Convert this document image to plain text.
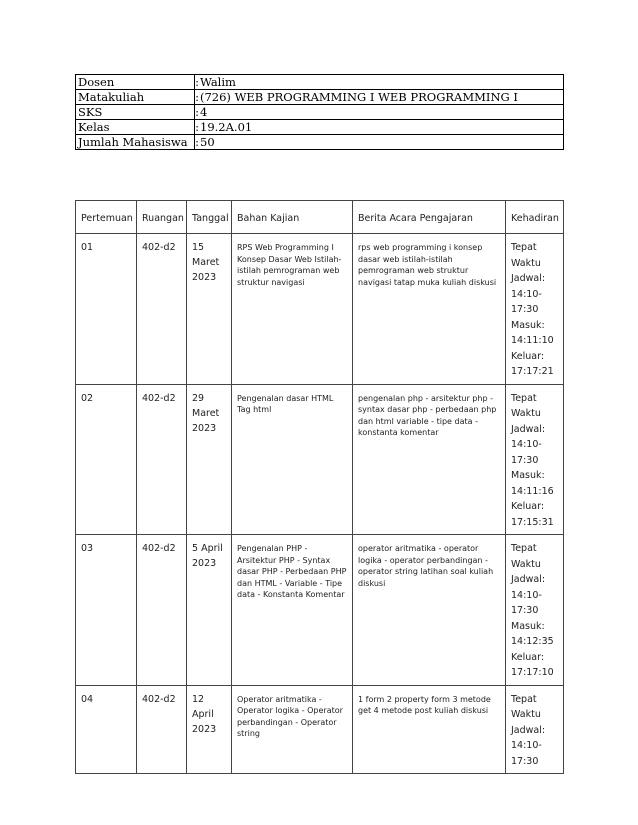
Dosen	:	Walim
Matakuliah	:	(726) WEB PROGRAMMING I WEB PROGRAMMING I
SKS	:	4
Kelas	:	19.2A.01
Jumlah Mahasiswa	:	50
Pertemuan	Ruangan	Tanggal	Bahan Kajian	Berita Acara Pengajaran	Kehadiran
01	402-d2	15 Maret 2023	RPS Web Programming I Konsep Dasar Web Istilah-istilah pemrograman web struktur navigasi	rps web programming i konsep dasar web istilah-istilah pemrograman web struktur navigasi tatap muka kuliah diskusi	Tepat Waktu Jadwal: 14:10-17:30 Masuk: 14:11:10 Keluar: 17:17:21
02	402-d2	29 Maret 2023	Pengenalan dasar HTML Tag html	pengenalan php - arsitektur php - syntax dasar php - perbedaan php dan html variable - tipe data - konstanta komentar	Tepat Waktu Jadwal: 14:10-17:30 Masuk: 14:11:16 Keluar: 17:15:31
03	402-d2	5 April 2023	Pengenalan PHP - Arsitektur PHP - Syntax dasar PHP - Perbedaan PHP dan HTML - Variable - Tipe data - Konstanta Komentar	operator aritmatika - operator logika - operator perbandingan - operator string latihan soal kuliah diskusi	Tepat Waktu Jadwal: 14:10-17:30 Masuk: 14:12:35 Keluar: 17:17:10
04	402-d2	12 April 2023	Operator aritmatika - Operator logika - Operator perbandingan - Operator string	1 form 2 property form 3 metode get 4 metode post kuliah diskusi	Tepat Waktu Jadwal: 14:10-17:30
